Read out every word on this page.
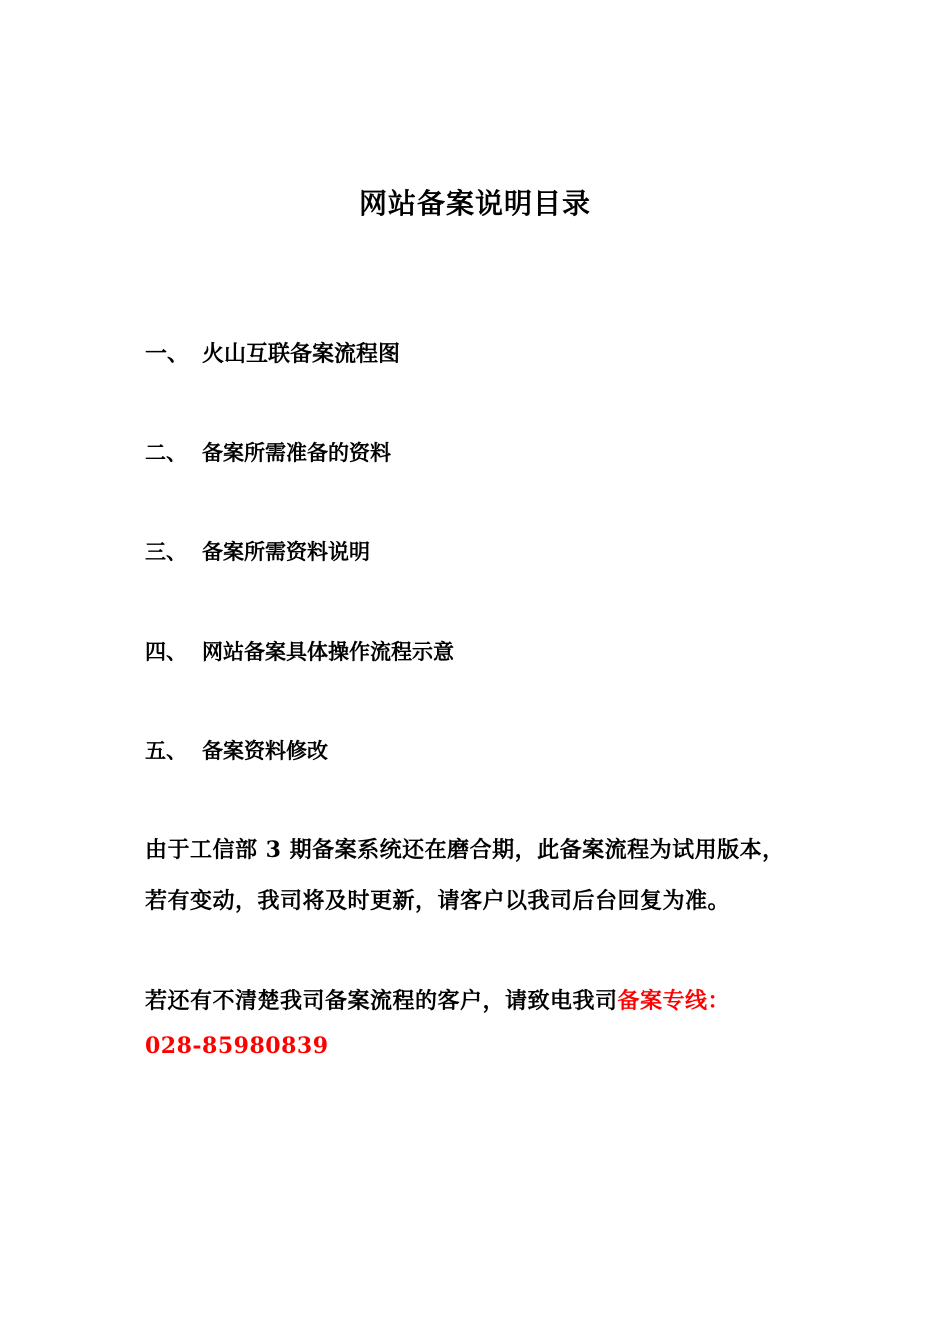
网站备案说明目录
一、 火山互联备案流程图
二、 备案所需准备的资料
三、 备案所需资料说明
四、 网站备案具体操作流程示意
五、 备案资料修改
由于工信部 3 期备案系统还在磨合期，此备案流程为试用版本，
若有变动，我司将及时更新，请客户以我司后台回复为准。
若还有不清楚我司备案流程的客户，请致电我司备案专线：
028-85980839
